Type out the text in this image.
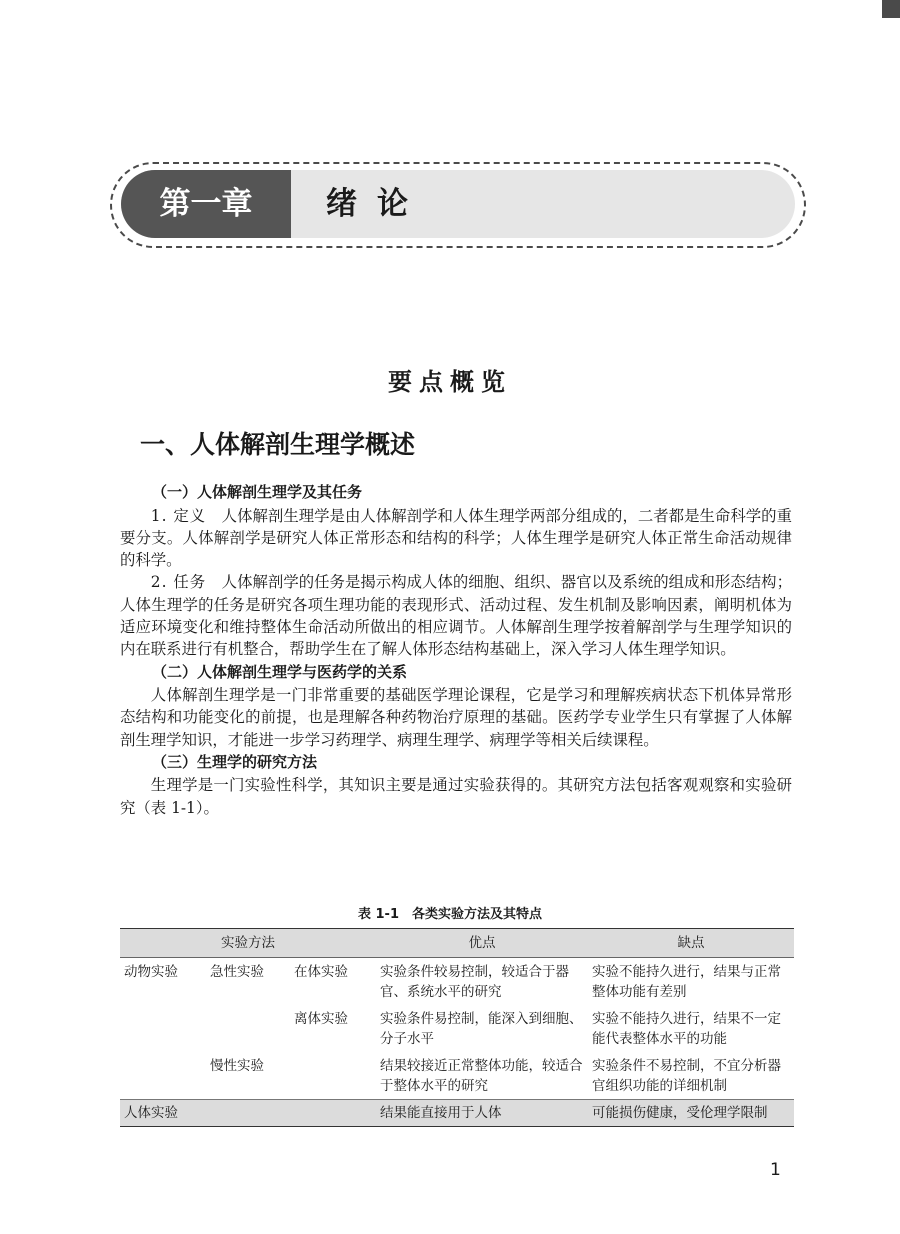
第一章	绪论
要点概览
一、人体解剖生理学概述
（一）人体解剖生理学及其任务

1. 定义　 人体解剖生理学是由人体解剖学和人体生理学两部分组成的，二者都是生命科学的重要分支。人体解剖学是研究人体正常形态和结构的科学；人体生理学是研究人体正常生命活动规律的科学。

2. 任务　 人体解剖学的任务是揭示构成人体的细胞、组织、器官以及系统的组成和形态结构；人体生理学的任务是研究各项生理功能的表现形式、活动过程、发生机制及影响因素，阐明机体为适应环境变化和维持整体生命活动所做出的相应调节。人体解剖生理学按着解剖学与生理学知识的内在联系进行有机整合，帮助学生在了解人体形态结构基础上，深入学习人体生理学知识。

（二）人体解剖生理学与医药学的关系

人体解剖生理学是一门非常重要的基础医学理论课程，它是学习和理解疾病状态下机体异常形态结构和功能变化的前提，也是理解各种药物治疗原理的基础。医药学专业学生只有掌握了人体解剖生理学知识，才能进一步学习药理学、病理生理学、病理学等相关后续课程。

（三）生理学的研究方法

生理学是一门实验性科学，其知识主要是通过实验获得的。其研究方法包括客观观察和实验研究（表 1-1）。

表 1-1　各类实验方法及其特点
实验方法			优点	缺点
动物实验	急性实验	在体实验	实验条件较易控制，较适合于器官、系统水平的研究	实验不能持久进行，结果与正常整体功能有差别
		离体实验	实验条件易控制，能深入到细胞、分子水平	实验不能持久进行，结果不一定能代表整体水平的功能
	慢性实验		结果较接近正常整体功能，较适合于整体水平的研究	实验条件不易控制，不宜分析器官组织功能的详细机制
人体实验			结果能直接用于人体	可能损伤健康，受伦理学限制
1
